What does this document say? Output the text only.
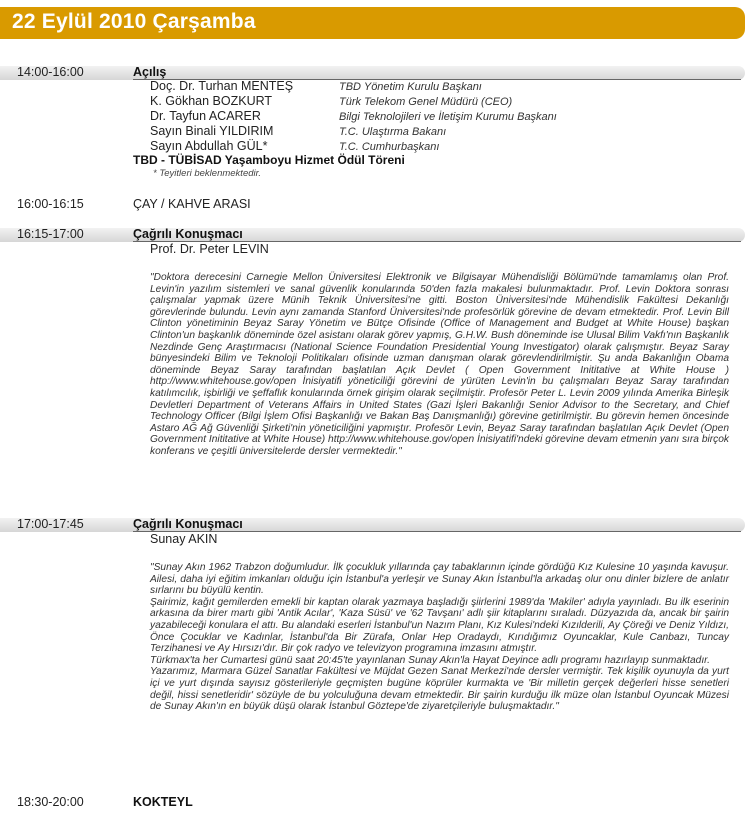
22 Eylül 2010 Çarşamba
14:00-16:00	Açılış
Doç. Dr. Turhan MENTEŞ	TBD Yönetim Kurulu Başkanı
K. Gökhan BOZKURT	Türk Telekom Genel Müdürü (CEO)
Dr. Tayfun ACARER	Bilgi Teknolojileri ve İletişim Kurumu Başkanı
Sayın Binali YILDIRIM	T.C. Ulaştırma Bakanı
Sayın Abdullah GÜL*	T.C. Cumhurbaşkanı
TBD - TÜBİSAD Yaşamboyu Hizmet Ödül Töreni
* Teyitleri beklenmektedir.
16:00-16:15	ÇAY / KAHVE ARASI
16:15-17:00	Çağrılı Konuşmacı
Prof. Dr. Peter LEVIN

"Doktora derecesini Carnegie Mellon Üniversitesi Elektronik ve Bilgisayar Mühendisliği Bölümü'nde tamamlamış olan Prof. Levin'in yazılım sistemleri ve sanal güvenlik konularında 50'den fazla makalesi bulunmaktadır. Prof. Levin Doktora sonrası çalışmalar yapmak üzere Münih Teknik Üniversitesi'ne gitti. Boston Üniversitesi'nde Mühendislik Fakültesi Dekanlığı görevlerinde bulundu. Levin aynı zamanda Stanford Üniversitesi'nde profesörlük görevine de devam etmektedir. Prof. Levin Bill Clinton yönetiminin Beyaz Saray Yönetim ve Bütçe Ofisinde (Office of Management and Budget at White House) başkan Clinton'un başkanlık döneminde özel asistanı olarak görev yapmış, G.H.W. Bush döneminde ise Ulusal Bilim Vakfı'nın Başkanlık Nezdinde Genç Araştırmacısı (National Science Foundation Presidential Young Investigator) olarak çalışmıştır. Beyaz Saray bünyesindeki Bilim ve Teknoloji Politikaları ofisinde uzman danışman olarak görevlendirilmiştir. Şu anda Bakanlığın Obama döneminde Beyaz Saray tarafından başlatılan Açık Devlet ( Open Government Inititative at White House ) http://www.whitehouse.gov/open İnisiyatifi yöneticiliği görevini de yürüten Levin'in bu çalışmaları Beyaz Saray tarafından katılımcılık, işbirliği ve şeffaflık konularında örnek girişim olarak seçilmiştir. Profesör Peter L. Levin 2009 yılında Amerika Birleşik Devletleri Department of Veterans Affairs in United States (Gazi İşleri Bakanlığı Senior Advisor to the Secretary, and Chief Technology Officer (Bilgi İşlem Ofisi Başkanlığı ve Bakan Baş Danışmanlığı) görevine getirilmiştir. Bu görevin hemen öncesinde Astaro AĞ Ağ Güvenliği Şirketi'nin yöneticiliğini yapmıştır. Profesör Levin, Beyaz Saray tarafından başlatılan Açık Devlet (Open Government Inititative at White House) http://www.whitehouse.gov/open İnisiyatifi'ndeki görevine devam etmenin yanı sıra birçok konferans ve çeşitli üniversitelerde dersler vermektedir."

17:00-17:45	Çağrılı Konuşmacı
Sunay AKIN

"Sunay Akın 1962 Trabzon doğumludur. İlk çocukluk yıllarında çay tabaklarının içinde gördüğü Kız Kulesine 10 yaşında kavuşur. Ailesi, daha iyi eğitim imkanları olduğu için İstanbul'a yerleşir ve Sunay Akın İstanbul'la arkadaş olur onu dinler bizlere de anlatır sırlarını bu büyülü kentin.

Şairimiz, kağıt gemilerden emekli bir kaptan olarak yazmaya başladığı şiirlerini 1989'da 'Makiler' adıyla yayınladı. Bu ilk eserinin arkasına da birer martı gibi 'Antik Acılar', 'Kaza Süsü' ve '62 Tavşanı' adlı şiir kitaplarını sıraladı. Düzyazıda da, ancak bir şairin yazabileceği konulara el attı. Bu alandaki eserleri İstanbul'un Nazım Planı, Kız Kulesi'ndeki Kızılderili, Ay Çöreği ve Deniz Yıldızı, Önce Çocuklar ve Kadınlar, İstanbul'da Bir Zürafa, Onlar Hep Oradaydı, Kırıdığımız Oyuncaklar, Kule Canbazı, Tuncay Terzihanesi ve Ay Hırsızı'dır. Bir çok radyo ve televizyon programına imzasını atmıştır.

Türkmax'ta her Cumartesi günü saat 20:45'te yayınlanan Sunay Akın'la Hayat Deyince adlı programı hazırlayıp sunmaktadır.

Yazarımız, Marmara Güzel Sanatlar Fakültesi ve Müjdat Gezen Sanat Merkezi'nde dersler vermiştir. Tek kişilik oyunuyla da yurt içi ve yurt dışında sayısız gösterileriyle geçmişten bugüne köprüler kurmakta ve 'Bir milletin gerçek değerleri hisse senetleri değil, hissi senetleridir' sözüyle de bu yolculuğuna devam etmektedir. Bir şairin kurduğu ilk müze olan İstanbul Oyuncak Müzesi de Sunay Akın'ın en büyük düşü olarak İstanbul Göztepe'de ziyaretçileriyle buluşmaktadır."

18:30-20:00	KOKTEYL
